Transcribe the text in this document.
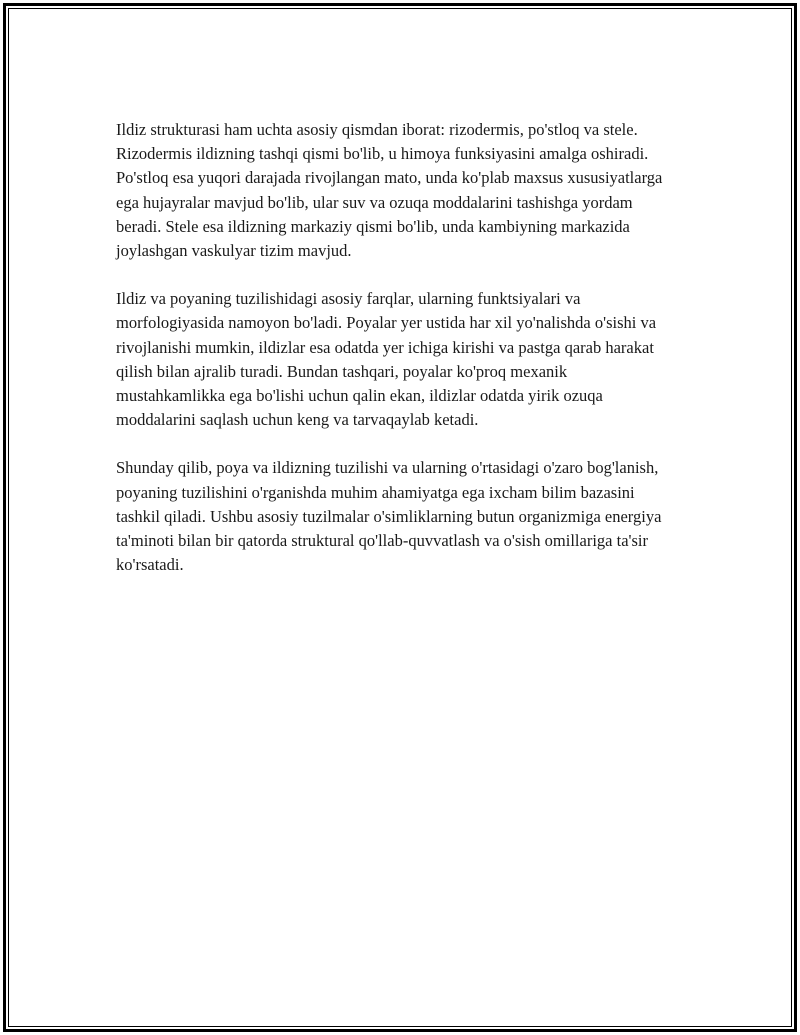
Ildiz strukturasi ham uchta asosiy qismdan iborat: rizodermis, po'stloq va stele. Rizodermis ildizning tashqi qismi bo'lib, u himoya funksiyasini amalga oshiradi. Po'stloq esa yuqori darajada rivojlangan mato, unda ko'plab maxsus xususiyatlarga ega hujayralar mavjud bo'lib, ular suv va ozuqa moddalarini tashishga yordam beradi. Stele esa ildizning markaziy qismi bo'lib, unda kambiyning markazida joylashgan vaskulyar tizim mavjud.

Ildiz va poyaning tuzilishidagi asosiy farqlar, ularning funktsiyalari va morfologiyasida namoyon bo'ladi. Poyalar yer ustida har xil yo'nalishda o'sishi va rivojlanishi mumkin, ildizlar esa odatda yer ichiga kirishi va pastga qarab harakat qilish bilan ajralib turadi. Bundan tashqari, poyalar ko'proq mexanik mustahkamlikka ega bo'lishi uchun qalin ekan, ildizlar odatda yirik ozuqa moddalarini saqlash uchun keng va tarvaqaylab ketadi.

Shunday qilib, poya va ildizning tuzilishi va ularning o'rtasidagi o'zaro bog'lanish, poyaning tuzilishini o'rganishda muhim ahamiyatga ega ixcham bilim bazasini tashkil qiladi. Ushbu asosiy tuzilmalar o'simliklarning butun organizmiga energiya ta'minoti bilan bir qatorda struktural qo'llab-quvvatlash va o'sish omillariga ta'sir ko'rsatadi.
